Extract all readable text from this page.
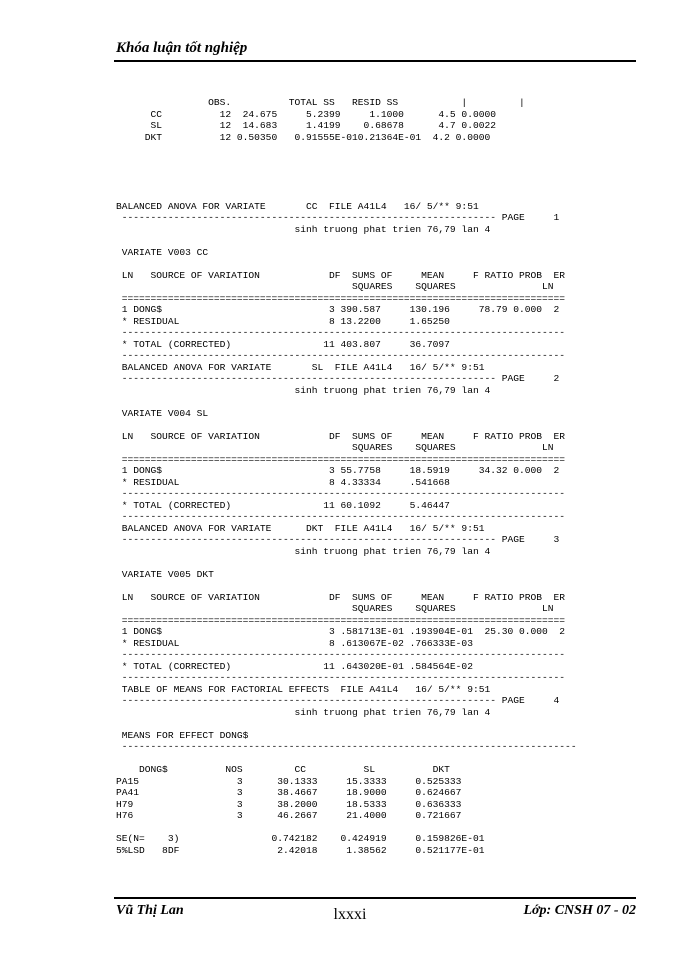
Khóa luận tốt nghiệp
OBS.          TOTAL SS   RESID SS           |         |
CC          12  24.675     5.2399     1.1000      4.5 0.0000
SL          12  14.683     1.4199    0.68678      4.7 0.0022
DKT          12 0.50350   0.91555E-010.21364E-01  4.2 0.0000
BALANCED ANOVA FOR VARIATE       CC  FILE A41L4   16/ 5/** 9:51
----------------------------------------------------------------- PAGE     1
sinh truong phat trien 76,79 lan 4
VARIATE V003 CC
LN   SOURCE OF VARIATION            DF  SUMS OF     MEAN     F RATIO PROB  ER
SQUARES    SQUARES               LN
=============================================================================
1 DONG$                             3 390.587     130.196     78.79 0.000  2
* RESIDUAL                          8 13.2200     1.65250
-----------------------------------------------------------------------------
* TOTAL (CORRECTED)                11 403.807     36.7097
-----------------------------------------------------------------------------
BALANCED ANOVA FOR VARIATE       SL  FILE A41L4   16/ 5/** 9:51
----------------------------------------------------------------- PAGE     2
sinh truong phat trien 76,79 lan 4
VARIATE V004 SL
LN   SOURCE OF VARIATION            DF  SUMS OF     MEAN     F RATIO PROB  ER
SQUARES    SQUARES               LN
=============================================================================
1 DONG$                             3 55.7758     18.5919     34.32 0.000  2
* RESIDUAL                          8 4.33334     .541668
-----------------------------------------------------------------------------
* TOTAL (CORRECTED)                11 60.1092     5.46447
-----------------------------------------------------------------------------
BALANCED ANOVA FOR VARIATE      DKT  FILE A41L4   16/ 5/** 9:51
----------------------------------------------------------------- PAGE     3
sinh truong phat trien 76,79 lan 4
VARIATE V005 DKT
LN   SOURCE OF VARIATION            DF  SUMS OF     MEAN     F RATIO PROB  ER
SQUARES    SQUARES               LN
=============================================================================
1 DONG$                             3 .581713E-01 .193904E-01  25.30 0.000  2
* RESIDUAL                          8 .613067E-02 .766333E-03
-----------------------------------------------------------------------------
* TOTAL (CORRECTED)                11 .643020E-01 .584564E-02
-----------------------------------------------------------------------------
TABLE OF MEANS FOR FACTORIAL EFFECTS  FILE A41L4   16/ 5/** 9:51
----------------------------------------------------------------- PAGE     4
sinh truong phat trien 76,79 lan 4
MEANS FOR EFFECT DONG$
-------------------------------------------------------------------------------
DONG$          NOS         CC          SL          DKT
PA15                 3      30.1333     15.3333     0.525333
PA41                 3      38.4667     18.9000     0.624667
H79                  3      38.2000     18.5333     0.636333
H76                  3      46.2667     21.4000     0.721667
SE(N=    3)                0.742182    0.424919     0.159826E-01
5%LSD   8DF                 2.42018     1.38562     0.521177E-01
Vũ Thị Lan	lxxxi	Lớp: CNSH 07 - 02
